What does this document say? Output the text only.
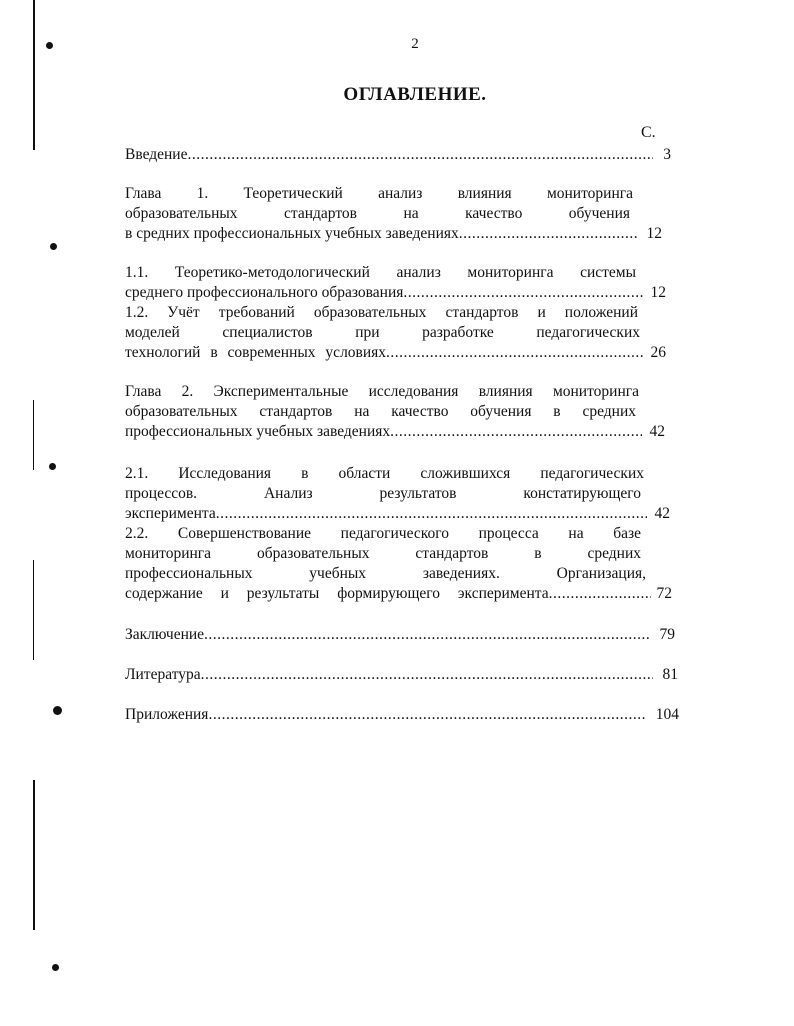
2
ОГЛАВЛЕНИЕ.
С.
Введение .....	3
Глава 1. Теоретический анализ влияния мониторинга
образовательных стандартов на качество обучения
в средних профессиональных учебных заведениях .....	12
1.1. Теоретико-методологический анализ мониторинга системы
среднего профессионального образования .....	12
1.2. Учёт требований образовательных стандартов и положений
моделей специалистов при разработке педагогических
технологий в современных условиях .....	26
Глава 2. Экспериментальные исследования влияния мониторинга
образовательных стандартов на качество обучения в средних
профессиональных учебных заведениях .....	42
2.1. Исследования в области сложившихся педагогических
процессов. Анализ результатов констатирующего
эксперимента .....	42
2.2. Совершенствование педагогического процесса на базе
мониторинга образовательных стандартов в средних
профессиональных учебных заведениях. Организация,
содержание и результаты формирующего эксперимента .....	72
Заключение .....	79
Литература .....	81
Приложения .....	104
